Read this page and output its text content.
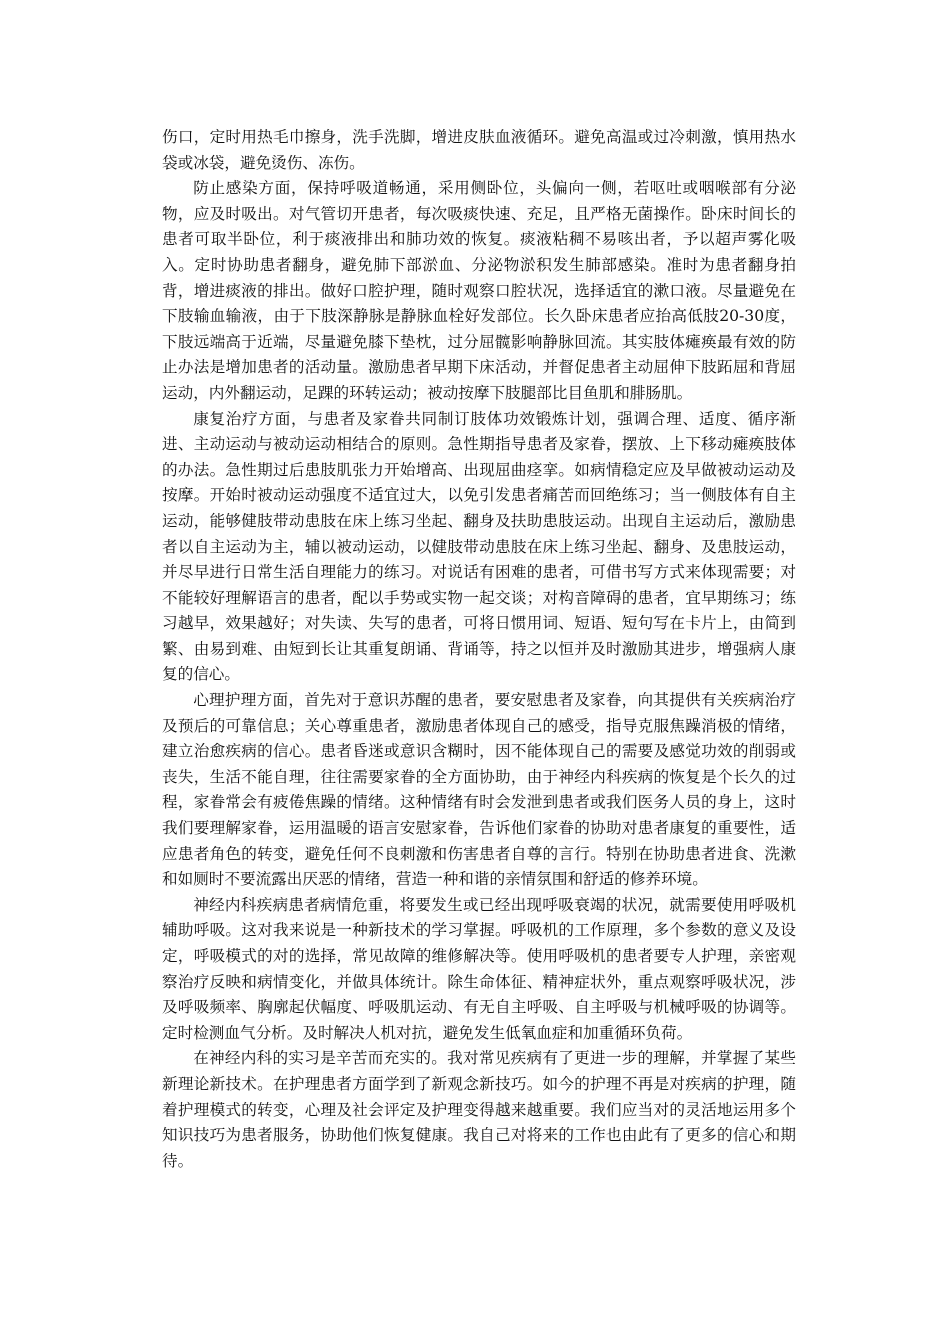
伤口，定时用热毛巾擦身，洗手洗脚，增进皮肤血液循环。避免高温或过冷刺激，慎用热水袋或冰袋，避免烫伤、冻伤。

防止感染方面，保持呼吸道畅通，采用侧卧位，头偏向一侧，若呕吐或咽喉部有分泌物，应及时吸出。对气管切开患者，每次吸痰快速、充足，且严格无菌操作。卧床时间长的患者可取半卧位，利于痰液排出和肺功效的恢复。痰液粘稠不易咳出者，予以超声雾化吸入。定时协助患者翻身，避免肺下部淤血、分泌物淤积发生肺部感染。准时为患者翻身拍背，增进痰液的排出。做好口腔护理，随时观察口腔状况，选择适宜的漱口液。尽量避免在下肢输血输液，由于下肢深静脉是静脉血栓好发部位。长久卧床患者应抬高低肢20-30度，下肢远端高于近端，尽量避免膝下垫枕，过分屈髋影响静脉回流。其实肢体瘫痪最有效的防止办法是增加患者的活动量。激励患者早期下床活动，并督促患者主动屈伸下肢跖屈和背屈运动，内外翻运动，足踝的环转运动；被动按摩下肢腿部比目鱼肌和腓肠肌。

康复治疗方面，与患者及家眷共同制订肢体功效锻炼计划，强调合理、适度、循序渐进、主动运动与被动运动相结合的原则。急性期指导患者及家眷，摆放、上下移动瘫痪肢体的办法。急性期过后患肢肌张力开始增高、出现屈曲痉挛。如病情稳定应及早做被动运动及按摩。开始时被动运动强度不适宜过大，以免引发患者痛苦而回绝练习；当一侧肢体有自主运动，能够健肢带动患肢在床上练习坐起、翻身及扶助患肢运动。出现自主运动后，激励患者以自主运动为主，辅以被动运动，以健肢带动患肢在床上练习坐起、翻身、及患肢运动，并尽早进行日常生活自理能力的练习。对说话有困难的患者，可借书写方式来体现需要；对不能较好理解语言的患者，配以手势或实物一起交谈；对构音障碍的患者，宜早期练习；练习越早，效果越好；对失读、失写的患者，可将日惯用词、短语、短句写在卡片上，由简到繁、由易到难、由短到长让其重复朗诵、背诵等，持之以恒并及时激励其进步，增强病人康复的信心。

心理护理方面，首先对于意识苏醒的患者，要安慰患者及家眷，向其提供有关疾病治疗及预后的可靠信息；关心尊重患者，激励患者体现自己的感受，指导克服焦躁消极的情绪，建立治愈疾病的信心。患者昏迷或意识含糊时，因不能体现自己的需要及感觉功效的削弱或丧失，生活不能自理，往往需要家眷的全方面协助，由于神经内科疾病的恢复是个长久的过程，家眷常会有疲倦焦躁的情绪。这种情绪有时会发泄到患者或我们医务人员的身上，这时我们要理解家眷，运用温暖的语言安慰家眷，告诉他们家眷的协助对患者康复的重要性，适应患者角色的转变，避免任何不良刺激和伤害患者自尊的言行。特别在协助患者进食、洗漱和如厕时不要流露出厌恶的情绪，营造一种和谐的亲情氛围和舒适的修养环境。

神经内科疾病患者病情危重，将要发生或已经出现呼吸衰竭的状况，就需要使用呼吸机辅助呼吸。这对我来说是一种新技术的学习掌握。呼吸机的工作原理，多个参数的意义及设定，呼吸模式的对的选择，常见故障的维修解决等。使用呼吸机的患者要专人护理，亲密观察治疗反映和病情变化，并做具体统计。除生命体征、精神症状外，重点观察呼吸状况，涉及呼吸频率、胸廓起伏幅度、呼吸肌运动、有无自主呼吸、自主呼吸与机械呼吸的协调等。定时检测血气分析。及时解决人机对抗，避免发生低氧血症和加重循环负荷。

在神经内科的实习是辛苦而充实的。我对常见疾病有了更进一步的理解，并掌握了某些新理论新技术。在护理患者方面学到了新观念新技巧。如今的护理不再是对疾病的护理，随着护理模式的转变，心理及社会评定及护理变得越来越重要。我们应当对的灵活地运用多个知识技巧为患者服务，协助他们恢复健康。我自己对将来的工作也由此有了更多的信心和期待。
